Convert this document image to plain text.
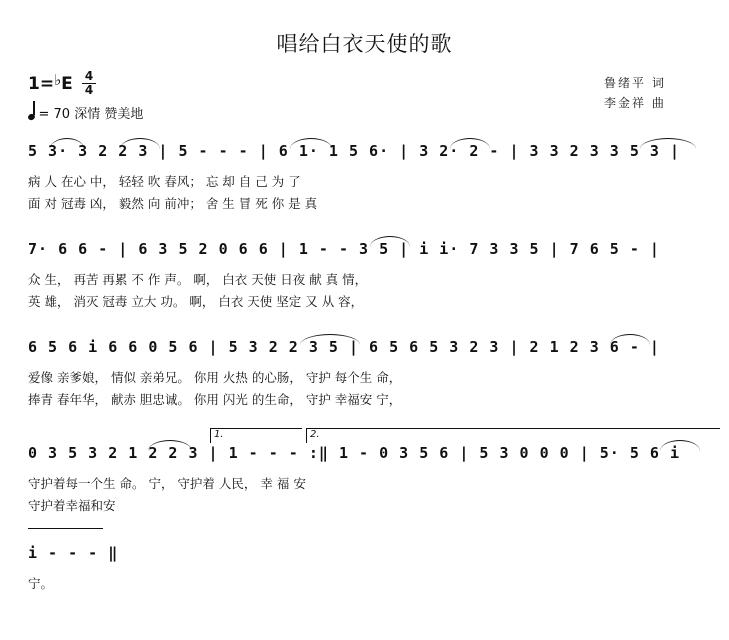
唱给白衣天使的歌
1=♭E 4
4
= 70 深情 赞美地
鲁绪平 词
李金祥 曲
5 3· 3 2 2 3 | 5 - - - | 6 1· 1 5 6· | 3 2· 2 - | 3 3 2 3 3 5 3 |
病 人 在心 中， 轻轻 吹 春风； 忘 却 自 己 为 了
面 对 冠毒 凶， 毅然 向 前冲； 舍 生 冒 死 你 是 真
7· 6 6 - | 6 3 5 2 0 6 6 | 1 - - 3 5 | i i· 7 3 3 5 | 7 6 5 - |
众 生， 再苦 再累 不 作 声。 啊， 白衣 天使 日夜 献 真 情，
英 雄， 消灭 冠毒 立大 功。 啊， 白衣 天使 坚定 又 从 容，
6 5 6 i 6 6 0 5 6 | 5 3 2 2 3 5 | 6 5 6 5 3 2 3 | 2 1 2 3 6 - |
爱像 亲爹娘， 情似 亲弟兄。 你用 火热 的心肠， 守护 每个生 命，
捧青 春年华， 献赤 胆忠诚。 你用 闪光 的生命， 守护 幸福安 宁，
1.	2.
0 3 5 3 2 1 2 2 3 | 1 - - - :‖ 1 - 0 3 5 6 | 5 3 0 0 0 | 5· 5 6 i
守护着每一个生 命。 宁， 守护着 人民， 幸 福 安
守护着幸福和安
i - - - ‖
宁。
